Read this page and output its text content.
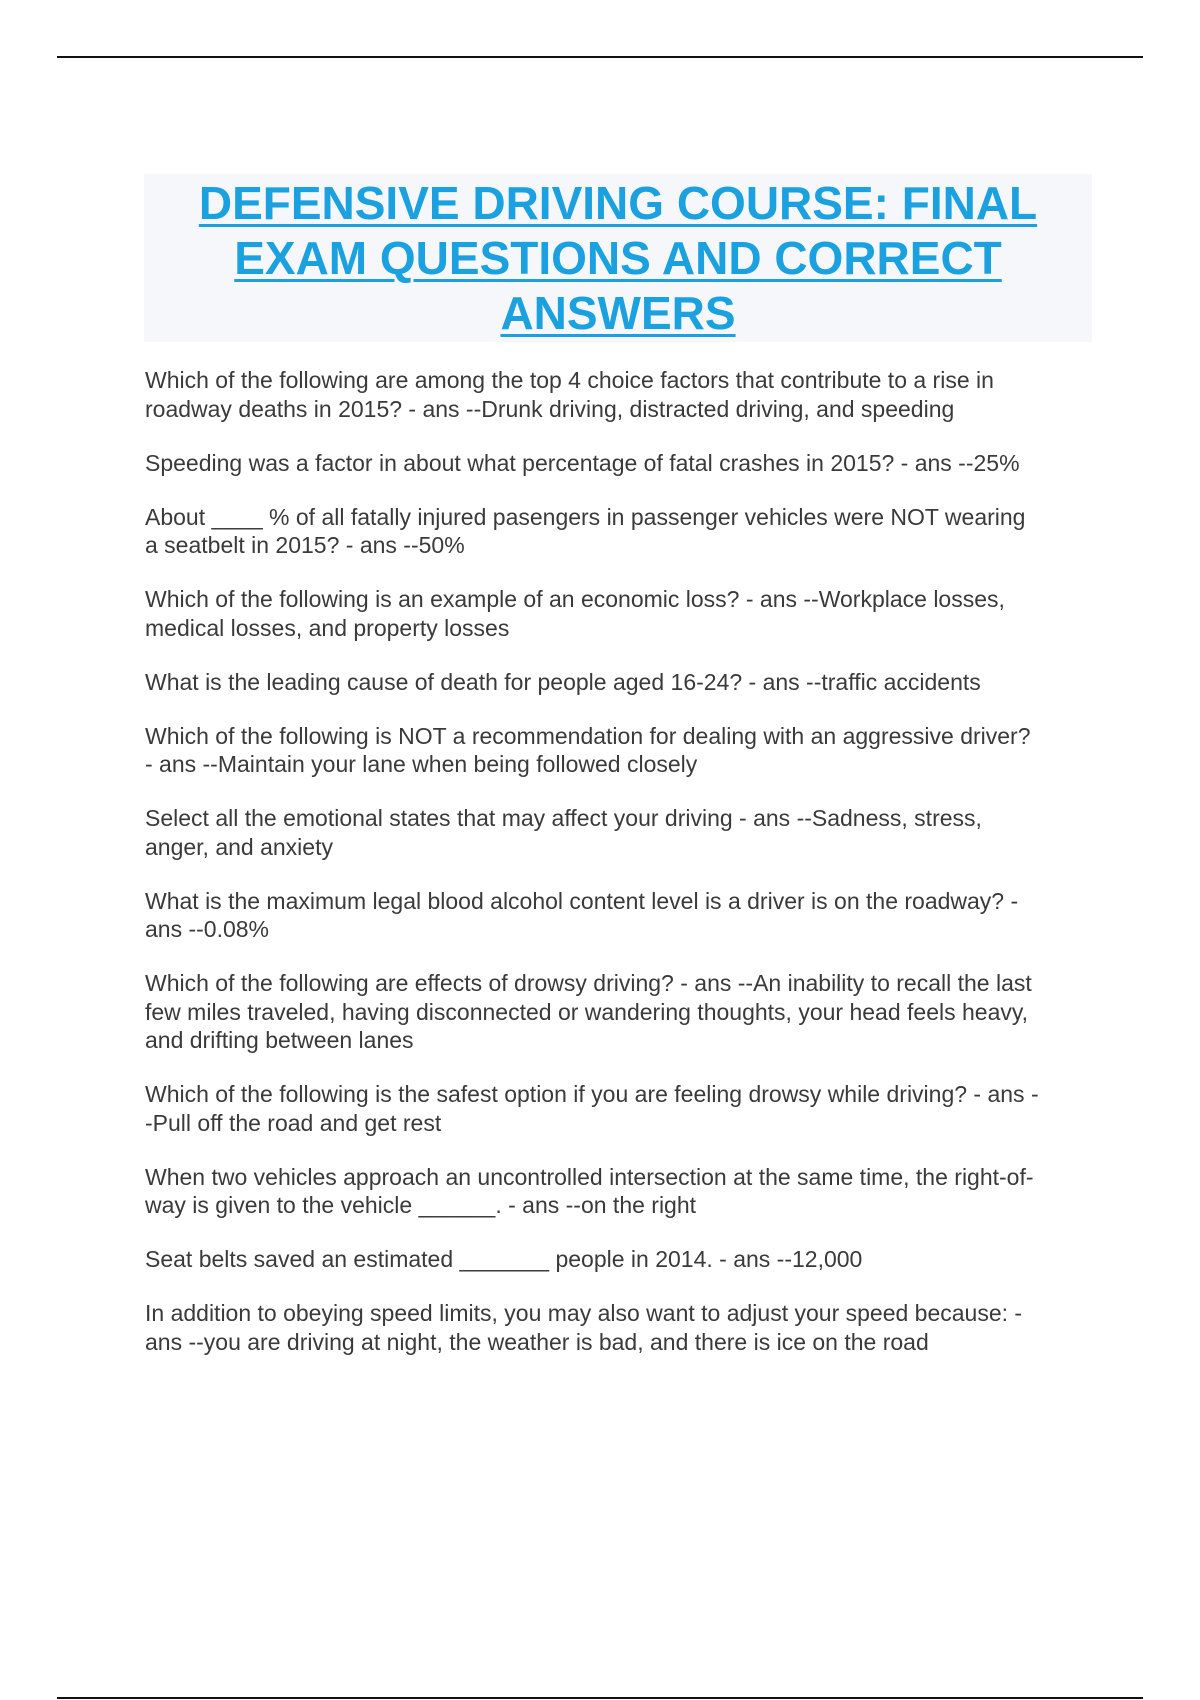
DEFENSIVE DRIVING COURSE: FINAL EXAM QUESTIONS AND CORRECT ANSWERS

Which of the following are among the top 4 choice factors that contribute to a rise in
roadway deaths in 2015? - ans --Drunk driving, distracted driving, and speeding

Speeding was a factor in about what percentage of fatal crashes in 2015? - ans --25%

About ____ % of all fatally injured pasengers in passenger vehicles were NOT wearing
a seatbelt in 2015? - ans --50%

Which of the following is an example of an economic loss? - ans --Workplace losses,
medical losses, and property losses

What is the leading cause of death for people aged 16-24? - ans --traffic accidents

Which of the following is NOT a recommendation for dealing with an aggressive driver?
- ans --Maintain your lane when being followed closely

Select all the emotional states that may affect your driving - ans --Sadness, stress,
anger, and anxiety

What is the maximum legal blood alcohol content level is a driver is on the roadway? -
ans --0.08%

Which of the following are effects of drowsy driving? - ans --An inability to recall the last
few miles traveled, having disconnected or wandering thoughts, your head feels heavy,
and drifting between lanes

Which of the following is the safest option if you are feeling drowsy while driving? - ans -
-Pull off the road and get rest

When two vehicles approach an uncontrolled intersection at the same time, the right-of-
way is given to the vehicle ______. - ans --on the right

Seat belts saved an estimated _______ people in 2014. - ans --12,000

In addition to obeying speed limits, you may also want to adjust your speed because: -
ans --you are driving at night, the weather is bad, and there is ice on the road
